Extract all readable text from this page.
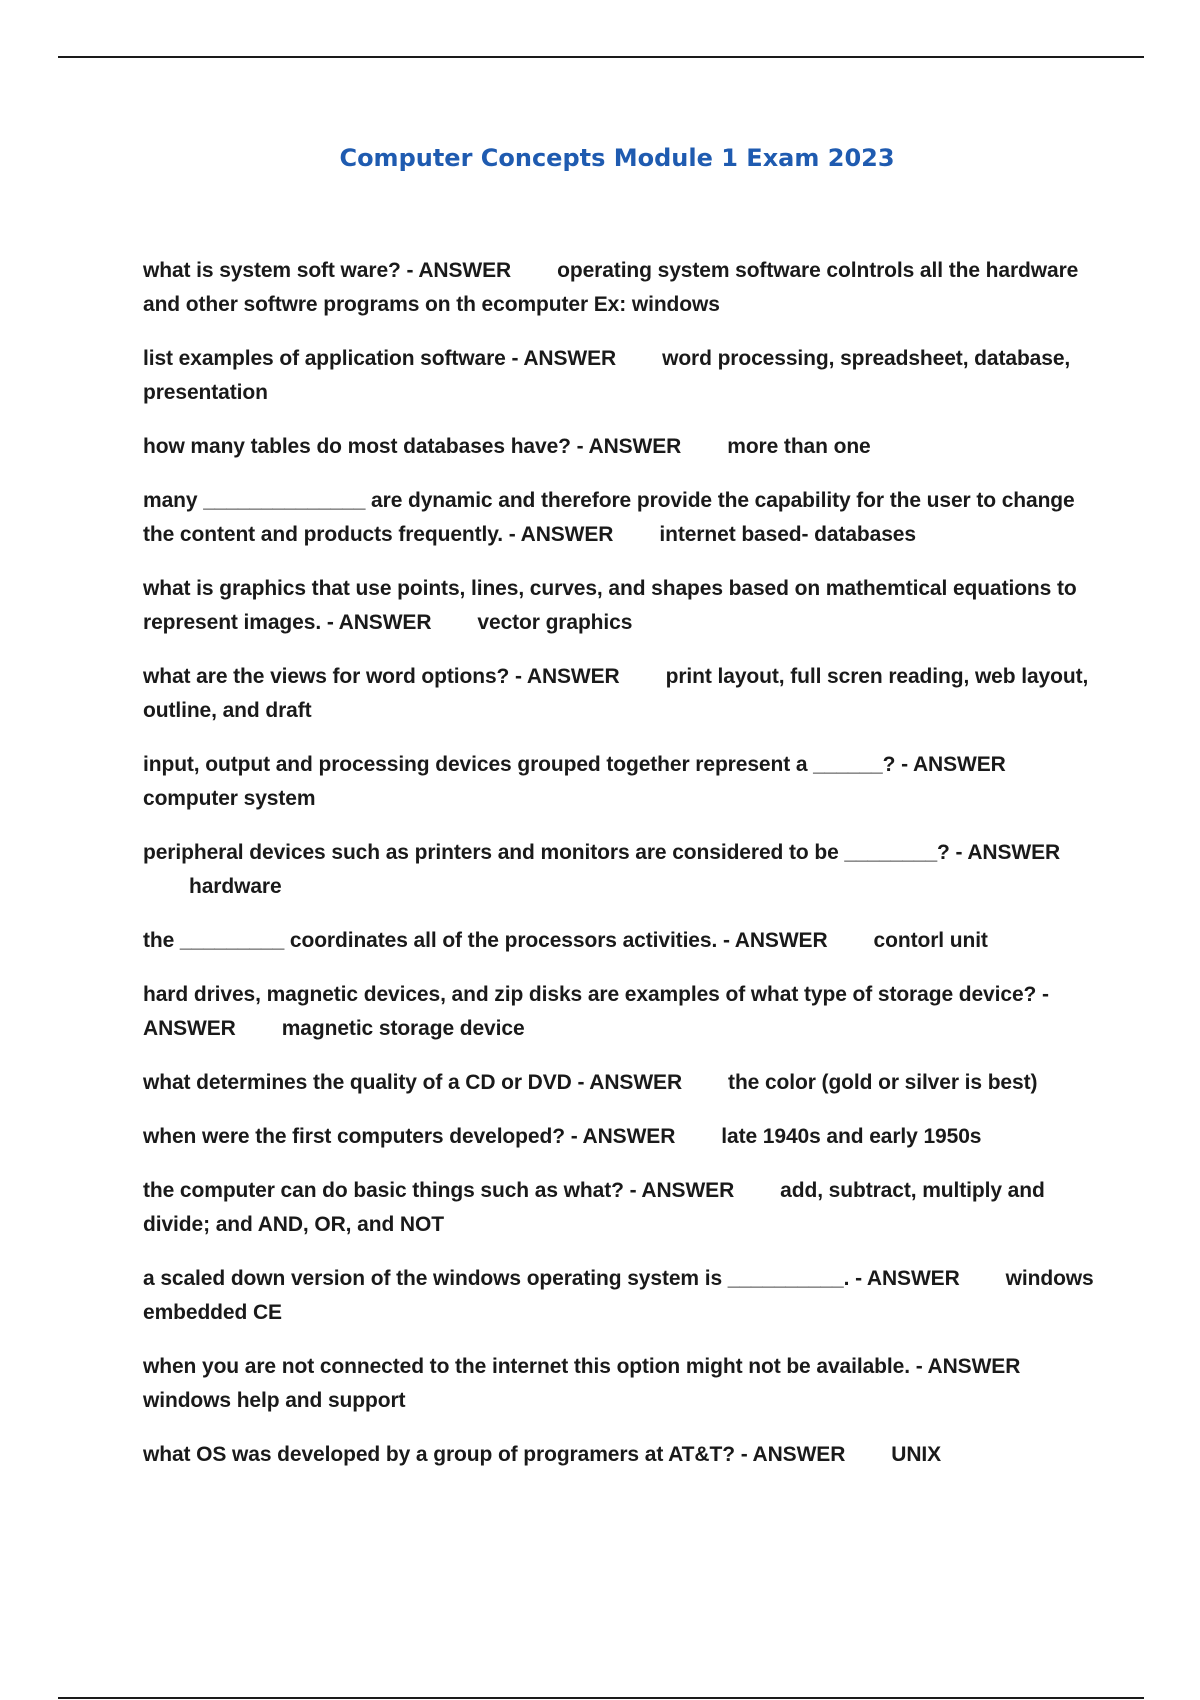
Computer Concepts Module 1 Exam 2023
what is system soft ware? - ANSWER operating system software colntrols all the hardware and other softwre programs on th ecomputer Ex: windows
list examples of application software - ANSWER word processing, spreadsheet, database, presentation
how many tables do most databases have? - ANSWER more than one
many ______________ are dynamic and therefore provide the capability for the user to change the content and products frequently. - ANSWER internet based- databases
what is graphics that use points, lines, curves, and shapes based on mathemtical equations to represent images. - ANSWER vector graphics
what are the views for word options? - ANSWER print layout, full scren reading, web layout, outline, and draft
input, output and processing devices grouped together represent a ______? - ANSWERcomputer system
peripheral devices such as printers and monitors are considered to be ________? - ANSWERhardware
the _________ coordinates all of the processors activities. - ANSWER contorl unit
hard drives, magnetic devices, and zip disks are examples of what type of storage device? - ANSWER magnetic storage device
what determines the quality of a CD or DVD - ANSWER the color (gold or silver is best)
when were the first computers developed? - ANSWER late 1940s and early 1950s
the computer can do basic things such as what? - ANSWER add, subtract, multiply and divide; and AND, OR, and NOT
a scaled down version of the windows operating system is __________. - ANSWER windows embedded CE
when you are not connected to the internet this option might not be available. - ANSWERwindows help and support
what OS was developed by a group of programers at AT&T? - ANSWER UNIX
